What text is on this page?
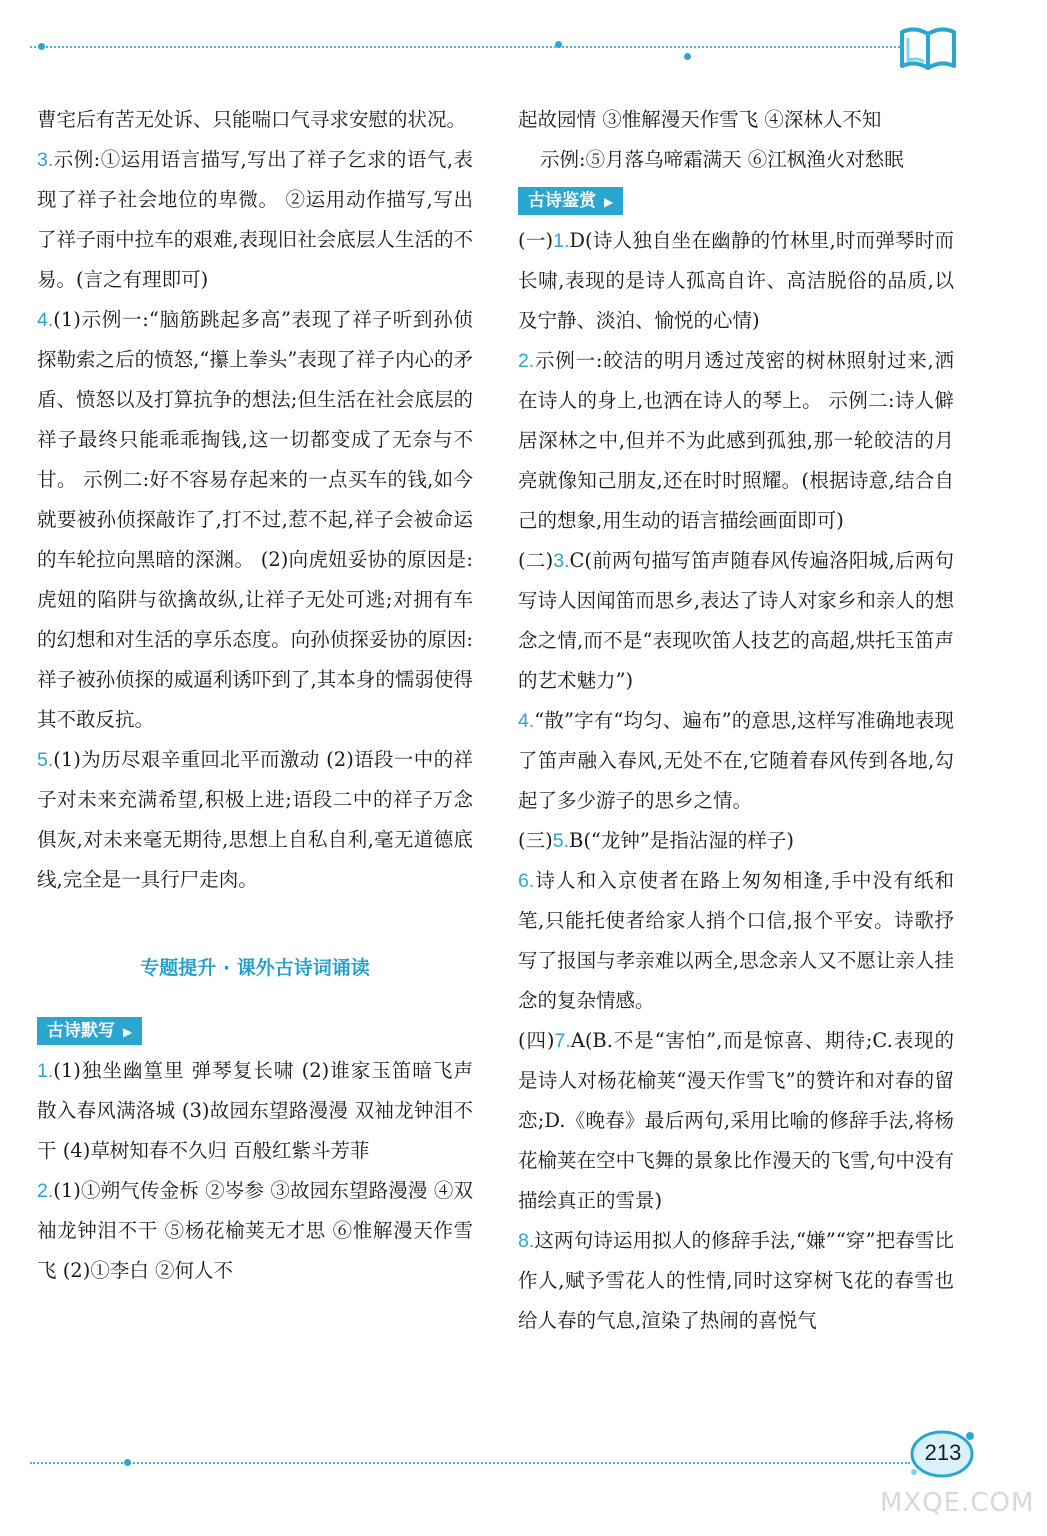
213
MXQE.COM

曹宅后有苦无处诉、只能喘口气寻求安慰的状况。

3.示例:①运用语言描写,写出了祥子乞求的语气,表现了祥子社会地位的卑微。 ②运用动作描写,写出了祥子雨中拉车的艰难,表现旧社会底层人生活的不易。(言之有理即可)

4.(1)示例一:“脑筋跳起多高”表现了祥子听到孙侦探勒索之后的愤怒,“攥上拳头”表现了祥子内心的矛盾、愤怒以及打算抗争的想法;但生活在社会底层的祥子最终只能乖乖掏钱,这一切都变成了无奈与不甘。 示例二:好不容易存起来的一点买车的钱,如今就要被孙侦探敲诈了,打不过,惹不起,祥子会被命运的车轮拉向黑暗的深渊。 (2)向虎妞妥协的原因是:虎妞的陷阱与欲擒故纵,让祥子无处可逃;对拥有车的幻想和对生活的享乐态度。向孙侦探妥协的原因:祥子被孙侦探的威逼利诱吓到了,其本身的懦弱使得其不敢反抗。

5.(1)为历尽艰辛重回北平而激动 (2)语段一中的祥子对未来充满希望,积极上进;语段二中的祥子万念俱灰,对未来毫无期待,思想上自私自利,毫无道德底线,完全是一具行尸走肉。

专题提升 · 课外古诗词诵读
古诗默写 ▶

1.(1)独坐幽篁里 弹琴复长啸 (2)谁家玉笛暗飞声 散入春风满洛城 (3)故园东望路漫漫 双袖龙钟泪不干 (4)草树知春不久归 百般红紫斗芳菲

2.(1)①朔气传金柝 ②岑参 ③故园东望路漫漫 ④双袖龙钟泪不干 ⑤杨花榆荚无才思 ⑥惟解漫天作雪飞 (2)①李白 ②何人不

起故园情 ③惟解漫天作雪飞 ④深林人不知

示例:⑤月落乌啼霜满天 ⑥江枫渔火对愁眠

古诗鉴赏 ▶

(一)1.D(诗人独自坐在幽静的竹林里,时而弹琴时而长啸,表现的是诗人孤高自许、高洁脱俗的品质,以及宁静、淡泊、愉悦的心情)

2.示例一:皎洁的明月透过茂密的树林照射过来,洒在诗人的身上,也洒在诗人的琴上。 示例二:诗人僻居深林之中,但并不为此感到孤独,那一轮皎洁的月亮就像知己朋友,还在时时照耀。(根据诗意,结合自己的想象,用生动的语言描绘画面即可)

(二)3.C(前两句描写笛声随春风传遍洛阳城,后两句写诗人因闻笛而思乡,表达了诗人对家乡和亲人的想念之情,而不是“表现吹笛人技艺的高超,烘托玉笛声的艺术魅力”)

4.“散”字有“均匀、遍布”的意思,这样写准确地表现了笛声融入春风,无处不在,它随着春风传到各地,勾起了多少游子的思乡之情。

(三)5.B(“龙钟”是指沾湿的样子)

6.诗人和入京使者在路上匆匆相逢,手中没有纸和笔,只能托使者给家人捎个口信,报个平安。诗歌抒写了报国与孝亲难以两全,思念亲人又不愿让亲人挂念的复杂情感。

(四)7.A(B.不是“害怕”,而是惊喜、期待;C.表现的是诗人对杨花榆荚“漫天作雪飞”的赞许和对春的留恋;D.《晚春》最后两句,采用比喻的修辞手法,将杨花榆荚在空中飞舞的景象比作漫天的飞雪,句中没有描绘真正的雪景)

8.这两句诗运用拟人的修辞手法,“嫌”“穿”把春雪比作人,赋予雪花人的性情,同时这穿树飞花的春雪也给人春的气息,渲染了热闹的喜悦气
